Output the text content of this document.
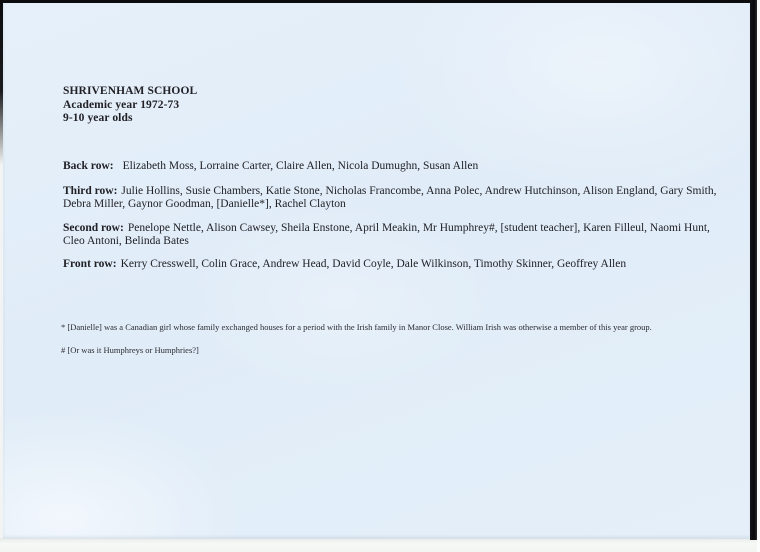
SHRIVENHAM SCHOOL
Academic year 1972-73
9-10 year olds
Back row: Elizabeth Moss, Lorraine Carter, Claire Allen, Nicola Dumughn, Susan Allen
Third row: Julie Hollins, Susie Chambers, Katie Stone, Nicholas Francombe, Anna Polec, Andrew Hutchinson, Alison England, Gary Smith, Debra Miller, Gaynor Goodman, [Danielle*], Rachel Clayton
Second row: Penelope Nettle, Alison Cawsey, Sheila Enstone, April Meakin, Mr Humphrey#, [student teacher], Karen Filleul, Naomi Hunt, Cleo Antoni, Belinda Bates
Front row: Kerry Cresswell, Colin Grace, Andrew Head, David Coyle, Dale Wilkinson, Timothy Skinner, Geoffrey Allen
* [Danielle] was a Canadian girl whose family exchanged houses for a period with the Irish family in Manor Close. William Irish was otherwise a member of this year group.
# [Or was it Humphreys or Humphries?]
